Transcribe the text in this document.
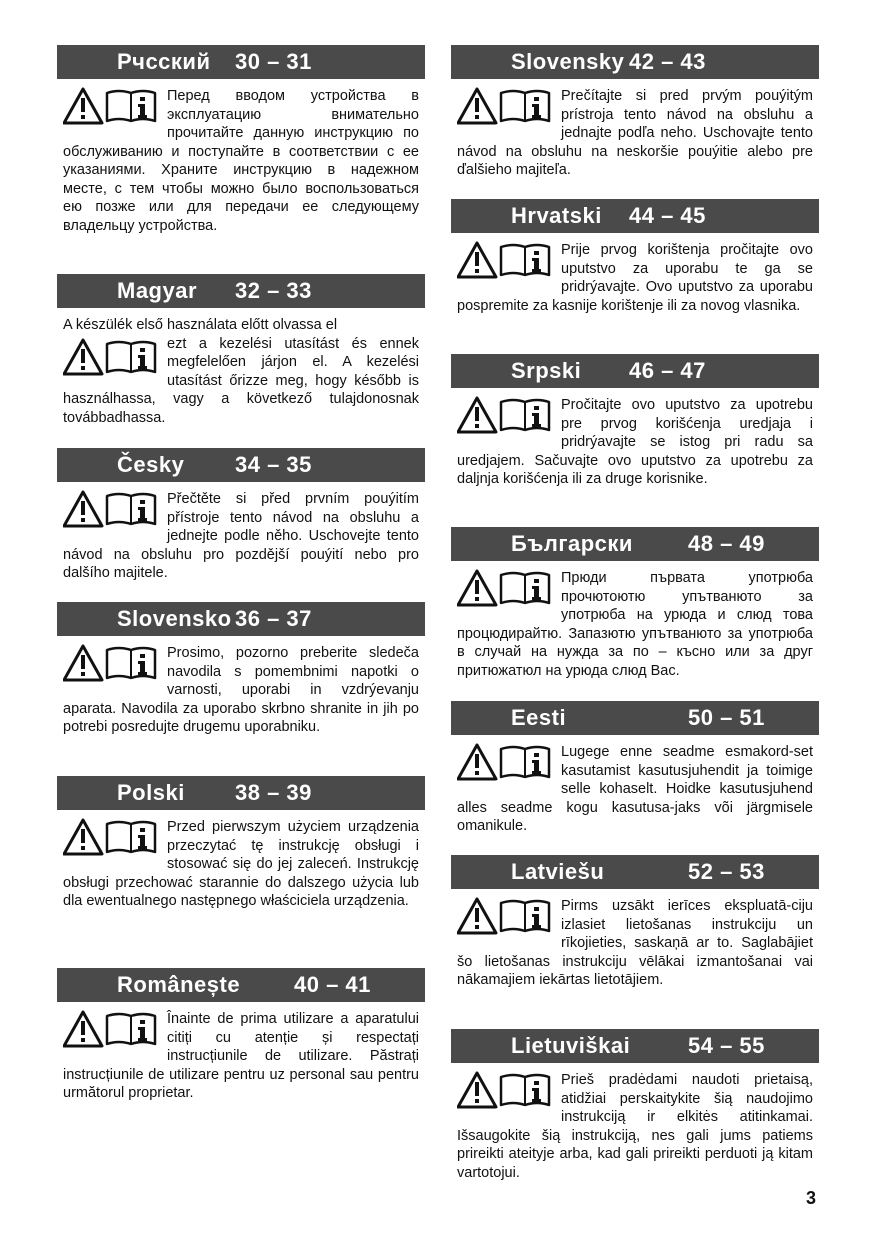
Рчсский 30 – 31
Перед вводом устройства в эксплуатацию внимательно прочитайте данную инструкцию по обслуживанию и поступайте в соответствии с ее указаниями. Храните инструкцию в надежном месте, с тем чтобы можно было воспользоваться ею позже или для передачи ее следующему владельцу устройства.
Magyar 32 – 33
A készülék első használata előtt olvassa el
ezt a kezelési utasítást és ennek megfelelően járjon el. A kezelési utasítást őrizze meg, hogy később is használhassa, vagy a következő tulajdonosnak továbbadhassa.
Česky 34 – 35
Přečtěte si před prvním pouýitím přístroje tento návod na obsluhu a jednejte podle něho. Uschovejte tento návod na obsluhu pro pozdější pouýití nebo pro dalšího majitele.
Slovensko 36 – 37
Prosimo, pozorno preberite sledeča navodila s pomembnimi napotki o varnosti, uporabi in vzdrýevanju aparata. Navodila za uporabo skrbno shranite in jih po potrebi posredujte drugemu uporabniku.
Polski 38 – 39
Przed pierwszym użyciem urządzenia przeczytać tę instrukcję obsługi i stosować się do jej zaleceń. Instrukcję obsługi przechować starannie do dalszego użycia lub dla ewentualnego następnego właściciela urządzenia.
Românește 40 – 41
Înainte de prima utilizare a aparatului citiți cu atenție și respectați instrucțiunile de utilizare. Păstrați instrucțiunile de utilizare pentru uz personal sau pentru următorul proprietar.
Slovensky 42 – 43
Prečítajte si pred prvým pouýitým prístroja tento návod na obsluhu a jednajte podľa neho. Uschovajte tento návod na obsluhu na neskoršie pouýitie alebo pre ďalšieho majiteľa.
Hrvatski 44 – 45
Prije prvog korištenja pročitajte ovo uputstvo za uporabu te ga se pridrýavajte. Ovo uputstvo za uporabu pospremite za kasnije korištenje ili za novog vlasnika.
Srpski 46 – 47
Pročitajte ovo uputstvo za upotrebu pre prvog korišćenja uredjaja i pridrýavajte se istog pri radu sa uredjajem. Sačuvajte ovo uputstvo za upotrebu za daljnja korišćenja ili za druge korisnike.
Български	48 – 49
Прюди първата употрюба прочютоютю упътванюто за употрюба на урюда и слюд това процюдирайтю. Запазютю упътванюто за употрюба в случай на нужда за по – късно или за друг притюжатюл на урюда слюд Вас.
Eesti	50 – 51
Lugege enne seadme esmakord-set kasutamist kasutusjuhendit ja toimige selle kohaselt. Hoidke kasutusjuhend alles seadme kogu kasutusa-jaks või järgmisele omanikule.
Latviešu	52 – 53
Pirms uzsākt ierīces ekspluatā-ciju izlasiet lietošanas instrukciju un rīkojieties, saskaņā ar to. Saglabājiet šo lietošanas instrukciju vēlākai izmantošanai vai nākamajiem iekārtas lietotājiem.
Lietuviškai	54 – 55
Prieš pradėdami naudoti prietaisą, atidžiai perskaitykite šią naudojimo instrukciją ir elkitės atitinkamai. Išsaugokite šią instrukciją, nes gali jums patiems prireikti ateityje arba, kad gali prireikti perduoti ją kitam vartotojui.
3
